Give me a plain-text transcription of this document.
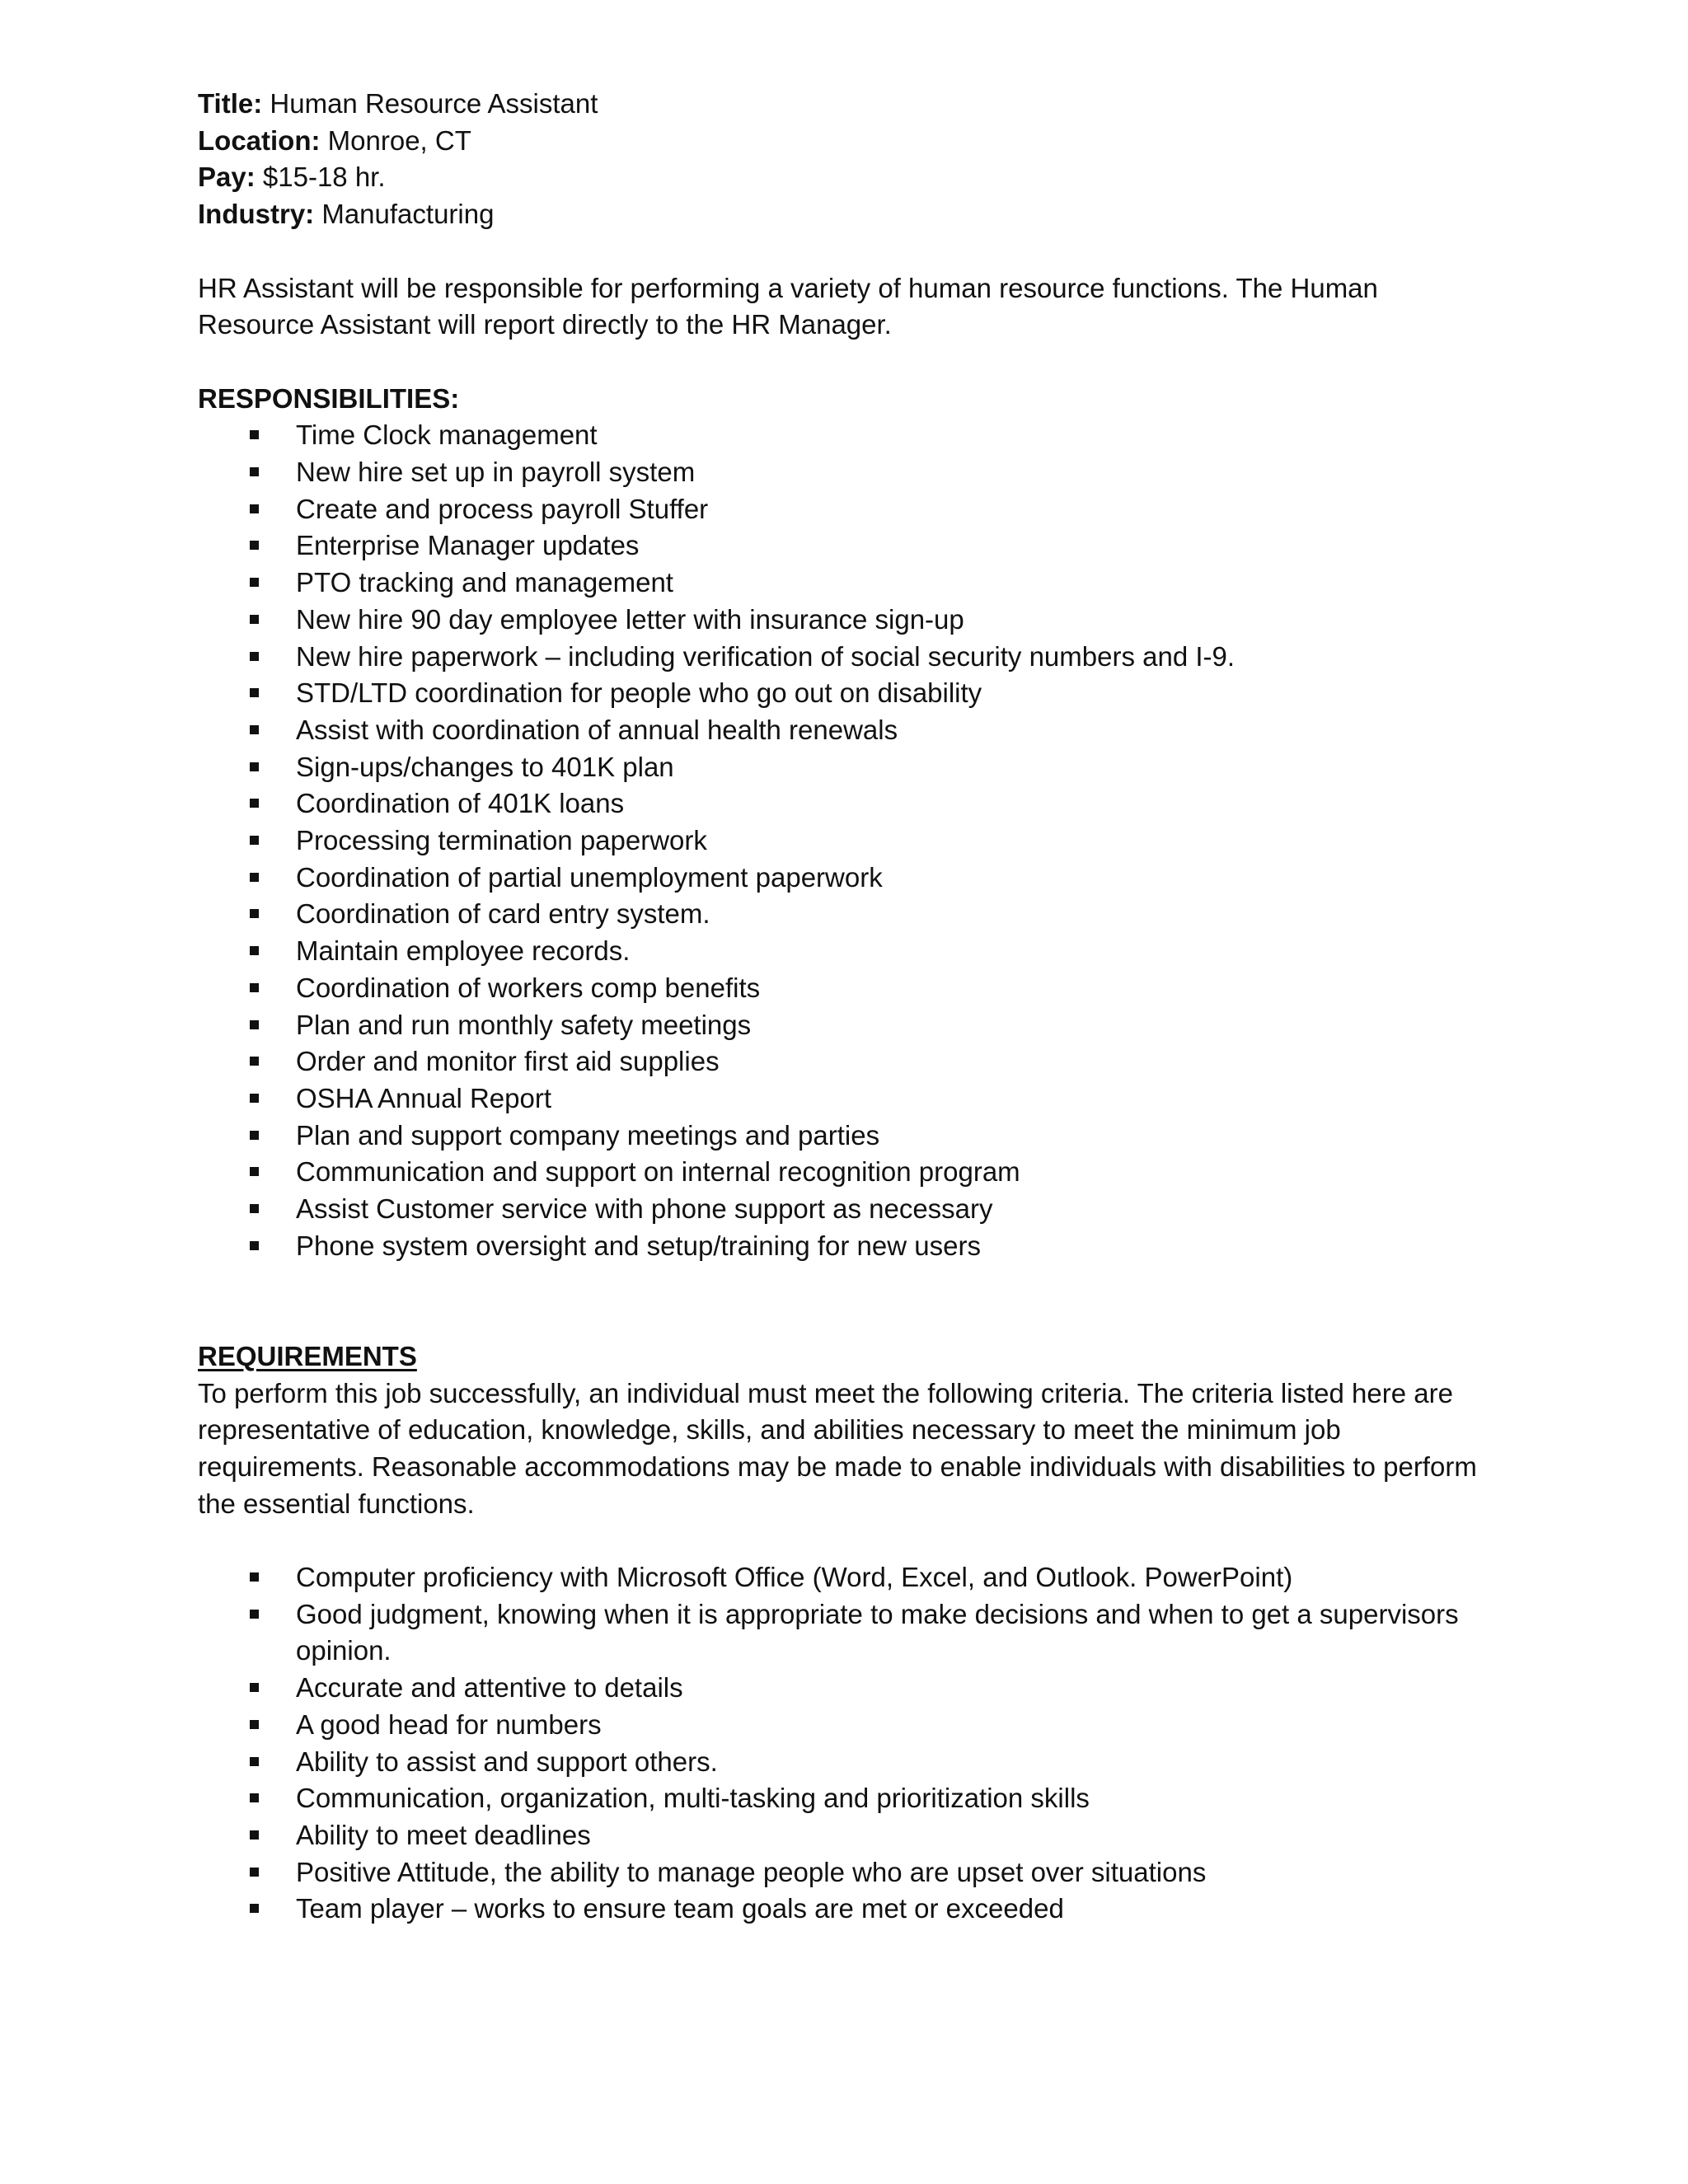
Title: Human Resource Assistant

Location: Monroe, CT

Pay: $15-18 hr.

Industry: Manufacturing

HR Assistant will be responsible for performing a variety of human resource functions. The Human Resource Assistant will report directly to the HR Manager.

RESPONSIBILITIES:

Time Clock management
New hire set up in payroll system
Create and process payroll Stuffer
Enterprise Manager updates
PTO tracking and management
New hire 90 day employee letter with insurance sign-up
New hire paperwork – including verification of social security numbers and I-9.
STD/LTD coordination for people who go out on disability
Assist with coordination of annual health renewals
Sign-ups/changes to 401K plan
Coordination of 401K loans
Processing termination paperwork
Coordination of partial unemployment paperwork
Coordination of card entry system.
Maintain employee records.
Coordination of workers comp benefits
Plan and run monthly safety meetings
Order and monitor first aid supplies
OSHA Annual Report
Plan and support company meetings and parties
Communication and support on internal recognition program
Assist Customer service with phone support as necessary
Phone system oversight and setup/training for new users

REQUIREMENTS

To perform this job successfully, an individual must meet the following criteria. The criteria listed here are representative of education, knowledge, skills, and abilities necessary to meet the minimum job requirements. Reasonable accommodations may be made to enable individuals with disabilities to perform the essential functions.

Computer proficiency with Microsoft Office (Word, Excel, and Outlook. PowerPoint)
Good judgment, knowing when it is appropriate to make decisions and when to get a supervisors opinion.
Accurate and attentive to details
A good head for numbers
Ability to assist and support others.
Communication, organization, multi-tasking and prioritization skills
Ability to meet deadlines
Positive Attitude, the ability to manage people who are upset over situations
Team player – works to ensure team goals are met or exceeded
